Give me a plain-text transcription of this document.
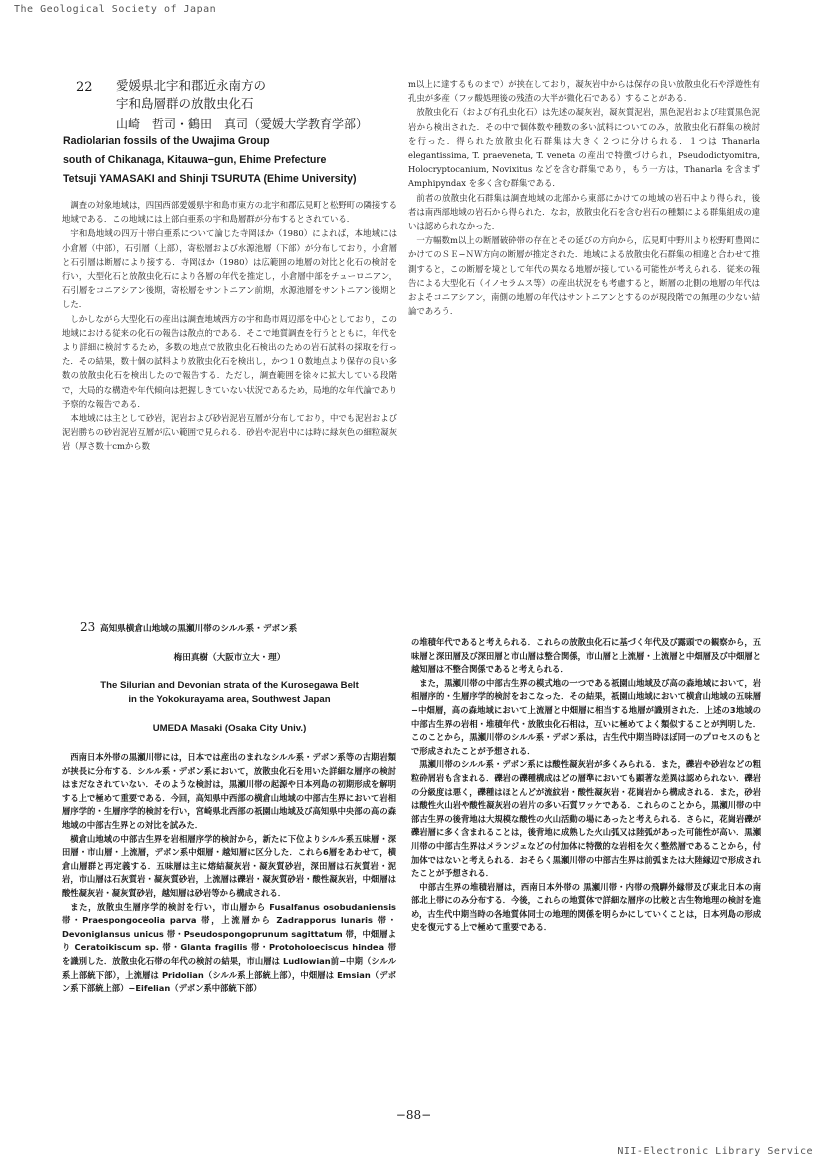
The Geological Society of Japan
22 愛媛県北宇和郡近永南方の
宇和島層群の放散虫化石
山崎　哲司・鶴田　真司（愛媛大学教育学部）
Radiolarian fossils of the Uwajima Group
south of Chikanaga, Kitauwa−gun, Ehime Prefecture
Tetsuji YAMASAKI and Shinji TSURUTA (Ehime University)

調査の対象地域は，四国西部愛媛県宇和島市東方の北宇和郡広見町と松野町の隣接する地域である．この地域には上部白亜系の宇和島層群が分布するとされている．

宇和島地域の四万十帯白亜系について論じた寺岡ほか（1980）によれば，本地域には小倉層（中部），石引層（上部），寄松層および水源池層（下部）が分布しており，小倉層と石引層は断層により接する．寺岡ほか（1980）は広範囲の地層の対比と化石の検討を行い，大型化石と放散虫化石により各層の年代を推定し，小倉層中部をチューロニアン，石引層をコニアシアン後期，寄松層をサントニアン前期，水源池層をサントニアン後期とした．

しかしながら大型化石の産出は調査地域西方の宇和島市周辺部を中心としており，この地域における従来の化石の報告は散点的である．そこで地質調査を行うとともに，年代をより詳細に検討するため，多数の地点で放散虫化石検出のための岩石試料の採取を行った．その結果，数十個の試料より放散虫化石を検出し，かつ１０数地点より保存の良い多数の放散虫化石を検出したので報告する．ただし，調査範囲を徐々に拡大している段階で，大局的な構造や年代傾向は把握しきていない状況であるため，局地的な年代論であり予察的な報告である．

本地域には主として砂岩，泥岩および砂岩泥岩互層が分布しており，中でも泥岩および泥岩勝ちの砂岩泥岩互層が広い範囲で見られる．砂岩や泥岩中には時に緑灰色の細粒凝灰岩（厚さ数十cmから数

m以上に達するものまで）が挟在しており，凝灰岩中からは保存の良い放散虫化石や浮遊性有孔虫が多産（フッ酸処理後の残渣の大半が微化石である）することがある．

放散虫化石（および有孔虫化石）は先述の凝灰岩，凝灰質泥岩，黒色泥岩および珪質黒色泥岩から検出された．その中で個体数や種数の多い試料についてのみ，放散虫化石群集の検討を行った．得られた放散虫化石群集は大きく２つに分けられる．１つは Thanarla elegantissima, T. praeveneta, T. veneta の産出で特徴づけられ，Pseudodictyomitra, Holocryptocanium, Novixitus などを含む群集であり，もう一方は，Thanarla を含まず Amphipyndax を多く含む群集である．

前者の放散虫化石群集は調査地域の北部から東部にかけての地域の岩石中より得られ，後者は南西部地域の岩石から得られた．なお，放散虫化石を含む岩石の種類による群集組成の違いは認められなかった．

一方幅数m以上の断層破砕帯の存在とその延びの方向から，広見町中野川より松野町豊岡にかけてのＳＥ−ＮＷ方向の断層が推定された．地域による放散虫化石群集の相違と合わせて推測すると，この断層を境として年代の異なる地層が接している可能性が考えられる．従来の報告による大型化石（イノセラムス等）の産出状況をも考慮すると，断層の北側の地層の年代はおよそコニアシアン，南側の地層の年代はサントニアンとするのが現段階での無理の少ない結論であろう．

23 高知県横倉山地域の黒瀬川帯のシルル系・デボン系
梅田真樹（大阪市立大・理）
The Silurian and Devonian strata of the Kurosegawa Belt
in the Yokokurayama area, Southwest Japan
UMEDA Masaki (Osaka City Univ.)

西南日本外帯の黒瀬川帯には，日本では産出のまれなシルル系・デボン系等の古期岩類が挟長に分布する．シルル系・デボン系において，放散虫化石を用いた詳細な層序の検討はまだなされていない．そのような検討は，黒瀬川帯の起源や日本列島の初期形成を解明する上で極めて重要である．今回，高知県中西部の横倉山地域の中部古生界において岩相層序学的・生層序学的検討を行い，宮崎県北西部の祇園山地域及び高知県中央部の高の森地域の中部古生界との対比を試みた．

横倉山地域の中部古生界を岩相層序学的検討から，新たに下位よりシルル系五味層・深田層・市山層・上流層，デボン系中畑層・越知層に区分した．これら6層をあわせて，横倉山層群と再定義する．五味層は主に熔結凝灰岩・凝灰質砂岩，深田層は石灰質岩・泥岩，市山層は石灰質岩・凝灰質砂岩，上流層は礫岩・凝灰質砂岩・酸性凝灰岩，中畑層は酸性凝灰岩・凝灰質砂岩，越知層は砂岩等から構成される．

また，放散虫生層序学的検討を行い，市山層から Fusalfanus osobudaniensis 帯・Praespongoceolia parva 帯，上流層から Zadrapporus lunaris 帯・Devoniglansus unicus 帯・Pseudospongoprunum sagittatum 帯，中畑層より Ceratoikiscum sp. 帯・Glanta fragilis 帯・Protoholoeciscus hindea 帯を識別した．放散虫化石帯の年代の検討の結果，市山層は Ludlowian前−中期（シルル系上部統下部），上流層は Pridolian（シルル系上部統上部），中畑層は Emsian（デボン系下部統上部）−Eifelian（デボン系中部統下部）

の堆積年代であると考えられる．これらの放散虫化石に基づく年代及び露頭での観察から，五味層と深田層及び深田層と市山層は整合関係，市山層と上流層・上流層と中畑層及び中畑層と越知層は不整合関係であると考えられる．

また，黒瀬川帯の中部古生界の模式地の一つである祇園山地域及び高の森地域において，岩相層序的・生層序学的検討をおこなった．その結果，祇園山地域において横倉山地域の五味層−中畑層，高の森地域において上流層と中畑層に相当する地層が識別された．上述の3地域の中部古生界の岩相・堆積年代・放散虫化石相は，互いに極めてよく類似することが判明した．このことから，黒瀬川帯のシルル系・デボン系は，古生代中期当時ほぼ同一のプロセスのもとで形成されたことが予想される．

黒瀬川帯のシルル系・デボン系には酸性凝灰岩が多くみられる．また，礫岩や砂岩などの粗粒砕屑岩も含まれる．礫岩の礫種構成はどの層準においても顕著な差異は認められない．礫岩の分級度は悪く，礫種はほとんどが流紋岩・酸性凝灰岩・花崗岩から構成される．また，砂岩は酸性火山岩や酸性凝灰岩の岩片の多い石質ワッケである．これらのことから，黒瀬川帯の中部古生界の後背地は大規模な酸性の火山活動の場にあったと考えられる．さらに，花崗岩礫が礫岩層に多く含まれることは，後背地に成熟した火山弧又は陸弧があった可能性が高い．黒瀬川帯の中部古生界はメランジェなどの付加体に特徴的な岩相を欠く整然層であることから，付加体ではないと考えられる．おそらく黒瀬川帯の中部古生界は前弧または大陸縁辺で形成されたことが予想される．

中部古生界の堆積岩層は，西南日本外帯の 黒瀬川帯・内帯の飛騨外縁帯及び東北日本の南部北上帯にのみ分布する．今後，これらの地質体で詳細な層序の比較と古生物地理の検討を進め，古生代中期当時の各地質体同士の地理的関係を明らかにしていくことは，日本列島の形成史を復元する上で極めて重要である．

−88−
NII-Electronic Library Service
